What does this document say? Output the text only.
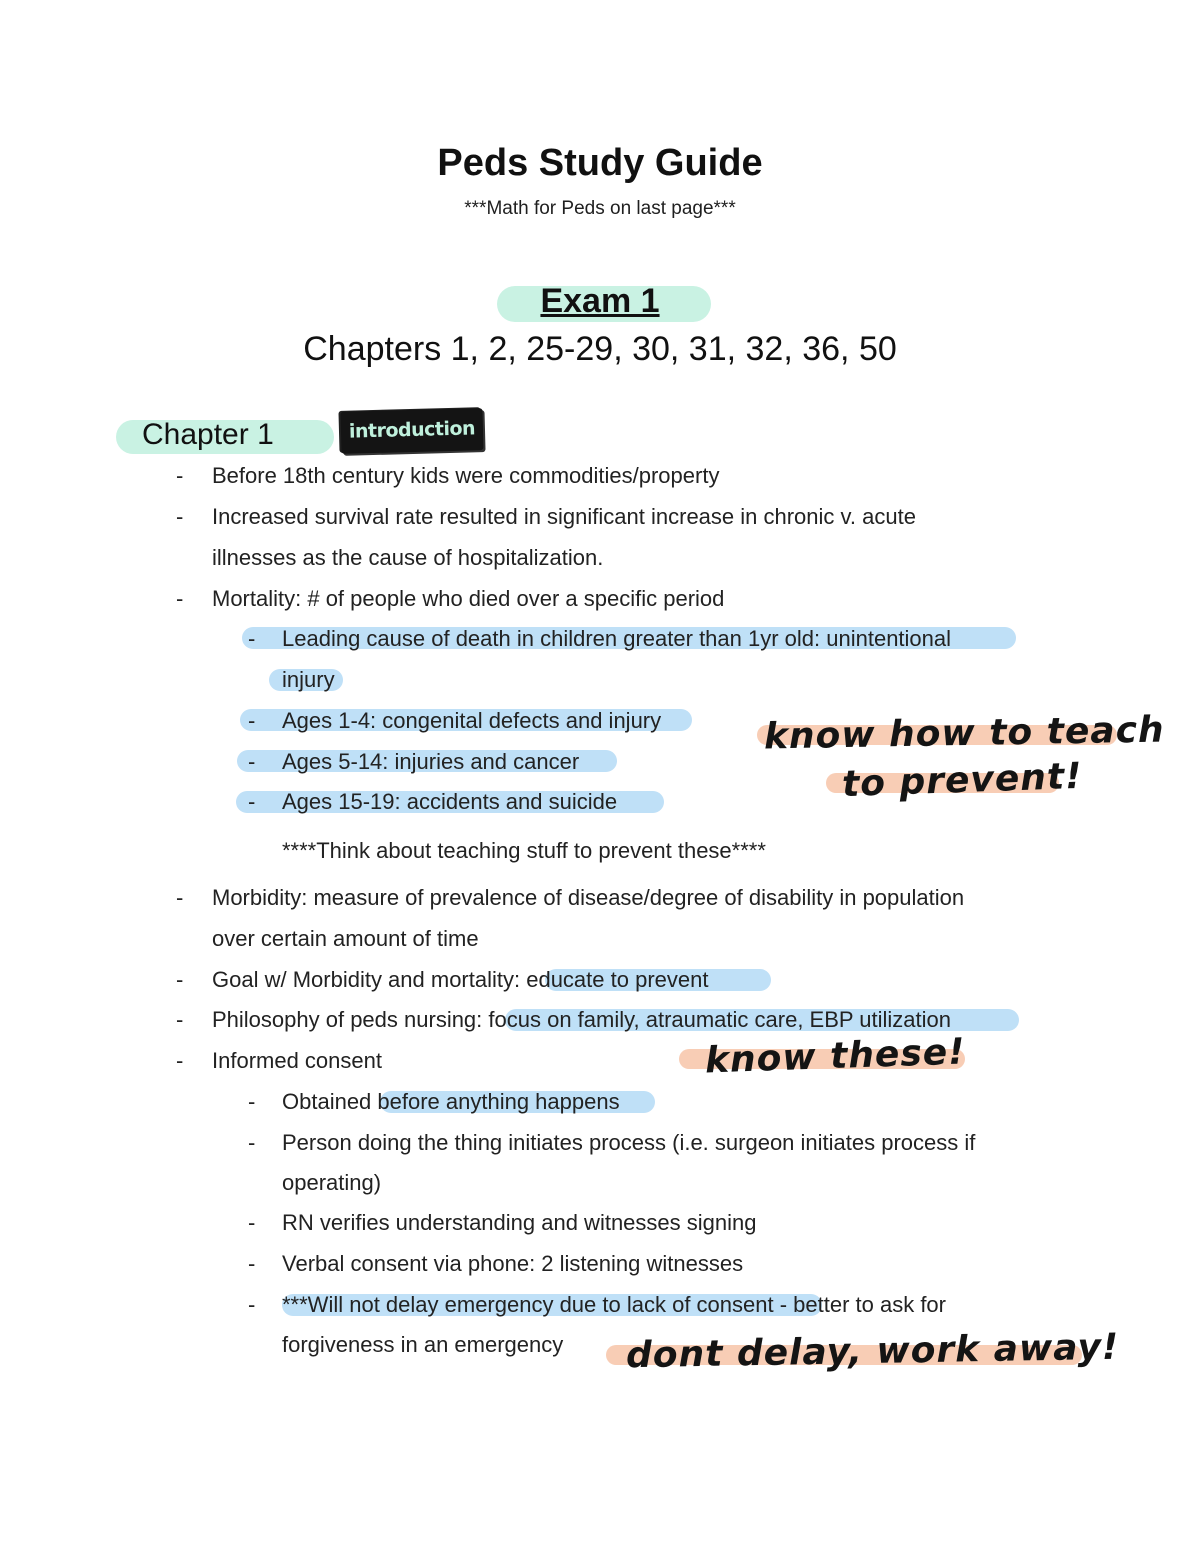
Peds Study Guide
***Math for Peds on last page***
Exam 1
Chapters 1, 2, 25-29, 30, 31, 32, 36, 50
Chapter 1	introduction
-
-
-
-
-
-
-
-
-
-
-
-
-
-
-
-
Before 18th century kids were commodities/property
Increased survival rate resulted in significant increase in chronic v. acute
illnesses as the cause of hospitalization.
Mortality: # of people who died over a specific period
Leading cause of death in children greater than 1yr old: unintentional
injury
Ages 1-4: congenital defects and injury
Ages 5-14: injuries and cancer
Ages 15-19: accidents and suicide
****Think about teaching stuff to prevent these****
Morbidity: measure of prevalence of disease/degree of disability in population
over certain amount of time
Goal w/ Morbidity and mortality: educate to prevent
Philosophy of peds nursing: focus on family, atraumatic care, EBP utilization
Informed consent
Obtained before anything happens
Person doing the thing initiates process (i.e. surgeon initiates process if
operating)
RN verifies understanding and witnesses signing
Verbal consent via phone: 2 listening witnesses
***Will not delay emergency due to lack of consent - better to ask for
forgiveness in an emergency
know how to teach
to prevent!
know these!
dont delay, work away!
